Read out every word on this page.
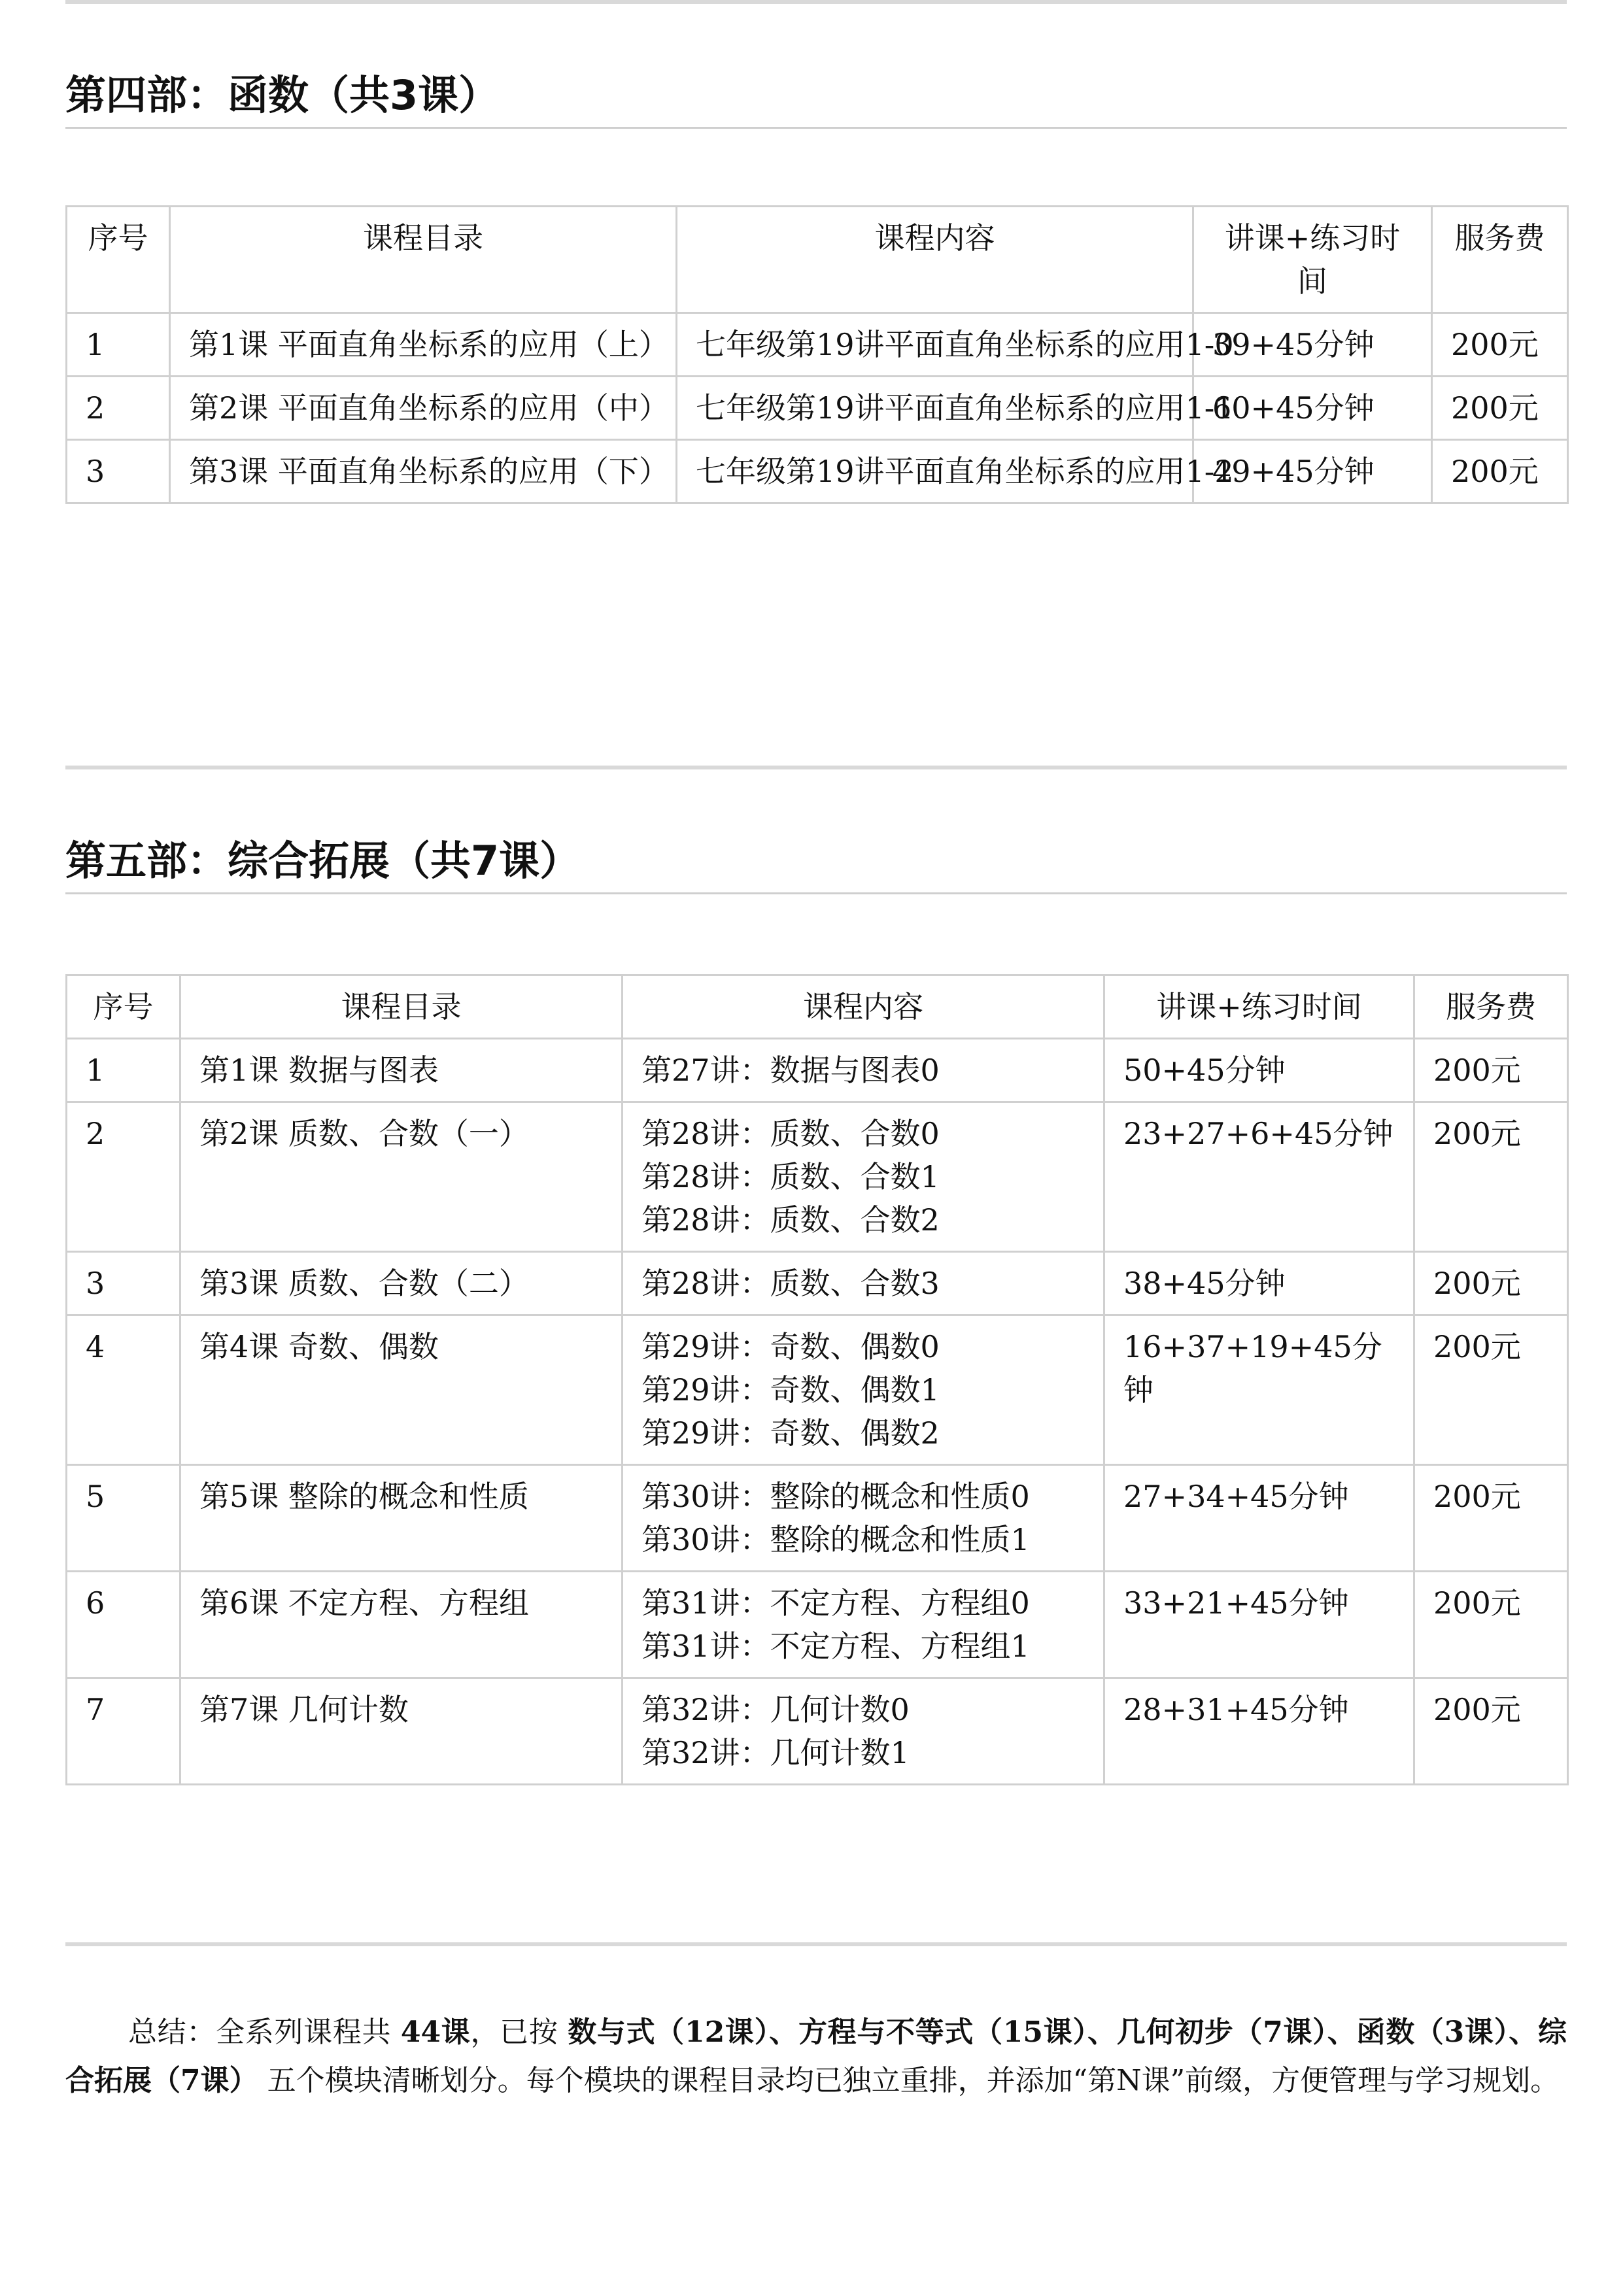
第四部：函数（共3课）
序号	课程目录	课程内容	讲课+练习时间	服务费
1	第1课 平面直角坐标系的应用（上）	七年级第19讲平面直角坐标系的应用1-0	39+45分钟	200元
2	第2课 平面直角坐标系的应用（中）	七年级第19讲平面直角坐标系的应用1-1	60+45分钟	200元
3	第3课 平面直角坐标系的应用（下）	七年级第19讲平面直角坐标系的应用1-2	49+45分钟	200元
第五部：综合拓展（共7课）
序号	课程目录	课程内容	讲课+练习时间	服务费
1	第1课 数据与图表	第27讲：数据与图表0	50+45分钟	200元
2	第2课 质数、合数（一）	第28讲：质数、合数0
第28讲：质数、合数1
第28讲：质数、合数2	23+27+6+45分钟	200元
3	第3课 质数、合数（二）	第28讲：质数、合数3	38+45分钟	200元
4	第4课 奇数、偶数	第29讲：奇数、偶数0
第29讲：奇数、偶数1
第29讲：奇数、偶数2	16+37+19+45分钟	200元
5	第5课 整除的概念和性质	第30讲：整除的概念和性质0
第30讲：整除的概念和性质1	27+34+45分钟	200元
6	第6课 不定方程、方程组	第31讲：不定方程、方程组0
第31讲：不定方程、方程组1	33+21+45分钟	200元
7	第7课 几何计数	第32讲：几何计数0
第32讲：几何计数1	28+31+45分钟	200元

总结：全系列课程共 44课，已按 数与式（12课）、方程与不等式（15课）、几何初步（7课）、函数（3课）、综合拓展（7课） 五个模块清晰划分。每个模块的课程目录均已独立重排，并添加“第N课”前缀，方便管理与学习规划。
